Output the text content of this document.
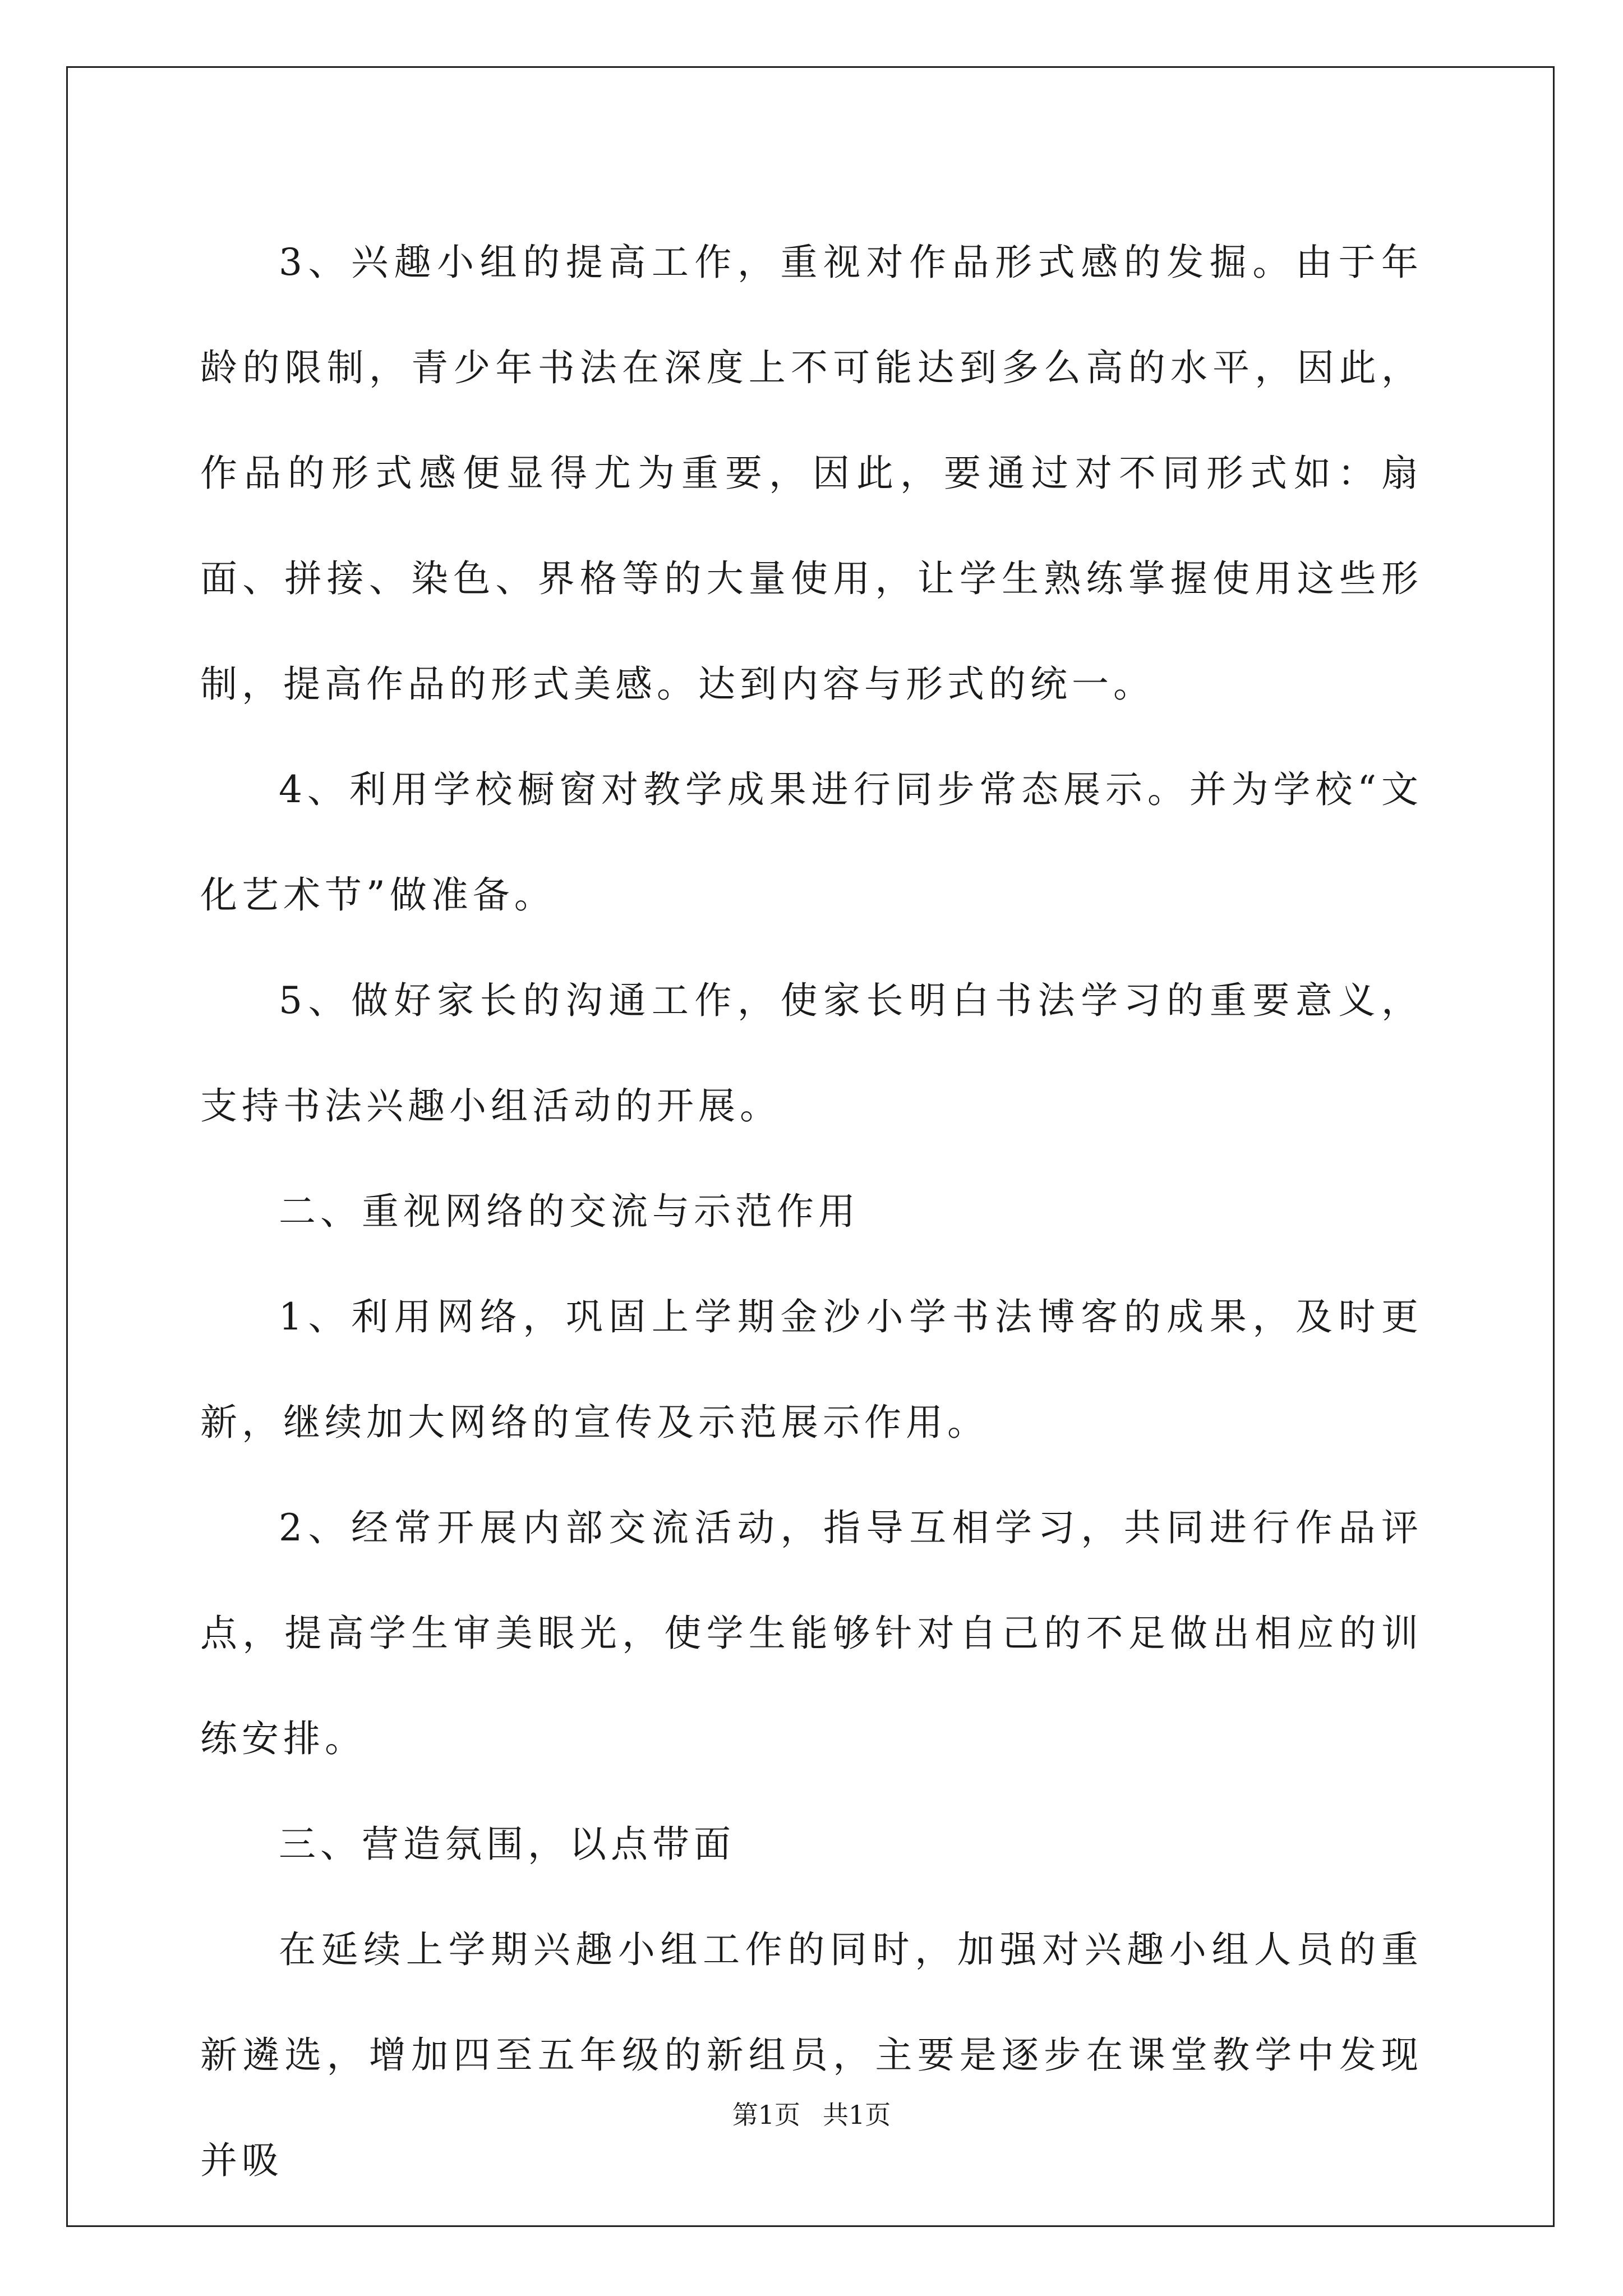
3、兴趣小组的提高工作，重视对作品形式感的发掘。由于年龄的限制，青少年书法在深度上不可能达到多么高的水平，因此，作品的形式感便显得尤为重要，因此，要通过对不同形式如：扇面、拼接、染色、界格等的大量使用，让学生熟练掌握使用这些形制，提高作品的形式美感。达到内容与形式的统一。

4、利用学校橱窗对教学成果进行同步常态展示。并为学校“文化艺术节”做准备。

5、做好家长的沟通工作，使家长明白书法学习的重要意义，支持书法兴趣小组活动的开展。

二、重视网络的交流与示范作用

1、利用网络，巩固上学期金沙小学书法博客的成果，及时更新，继续加大网络的宣传及示范展示作用。

2、经常开展内部交流活动，指导互相学习，共同进行作品评点，提高学生审美眼光，使学生能够针对自己的不足做出相应的训练安排。

三、营造氛围，以点带面

在延续上学期兴趣小组工作的同时，加强对兴趣小组人员的重新遴选，增加四至五年级的新组员，主要是逐步在课堂教学中发现并吸

第1页 共1页
